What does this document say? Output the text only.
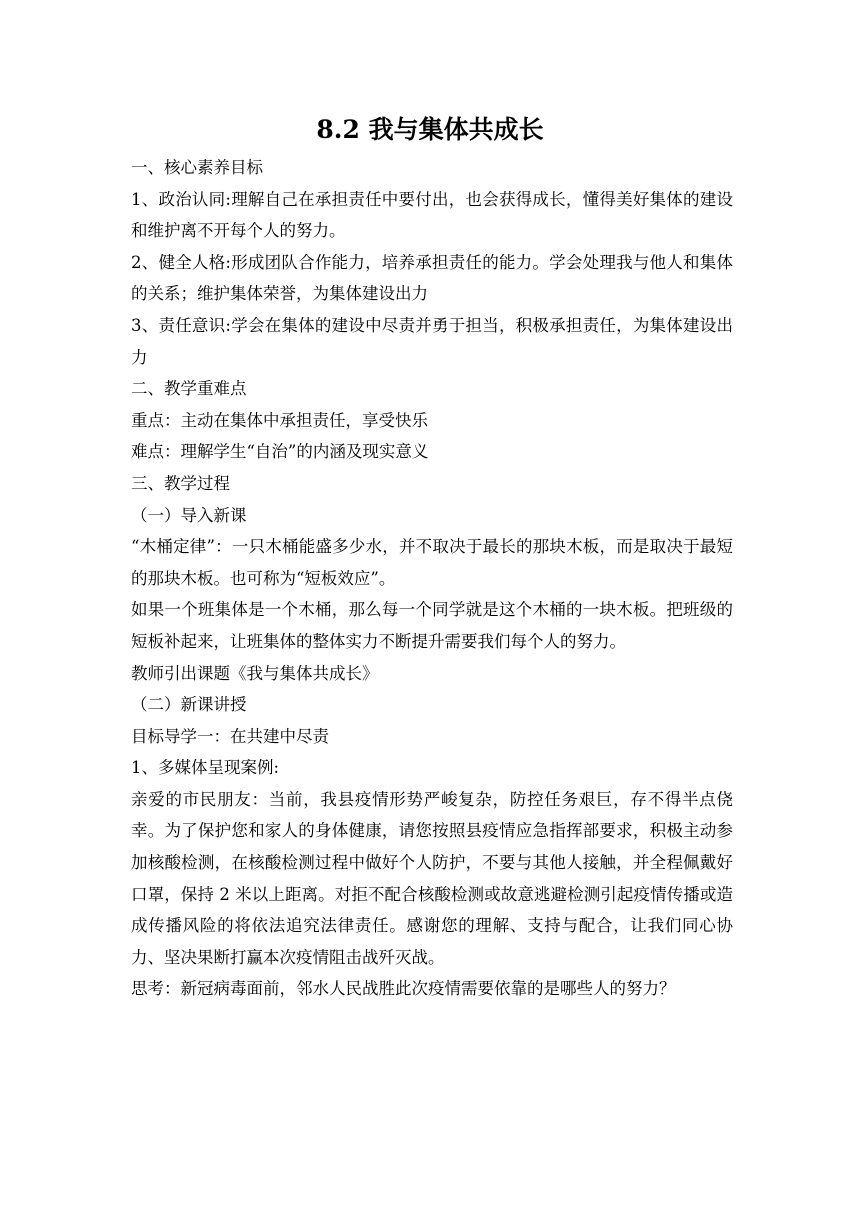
8.2 我与集体共成长

一、核心素养目标

1、政治认同:理解自己在承担责任中要付出，也会获得成长，懂得美好集体的建设和维护离不开每个人的努力。

2、健全人格:形成团队合作能力，培养承担责任的能力。学会处理我与他人和集体的关系；维护集体荣誉，为集体建设出力

3、责任意识:学会在集体的建设中尽责并勇于担当，积极承担责任，为集体建设出力

二、教学重难点

重点：主动在集体中承担责任，享受快乐

难点：理解学生“自治”的内涵及现实意义

三、教学过程

（一）导入新课

“木桶定律”：一只木桶能盛多少水，并不取决于最长的那块木板，而是取决于最短的那块木板。也可称为“短板效应”。

如果一个班集体是一个木桶，那么每一个同学就是这个木桶的一块木板。把班级的短板补起来，让班集体的整体实力不断提升需要我们每个人的努力。

教师引出课题《我与集体共成长》

（二）新课讲授

目标导学一：在共建中尽责

1、多媒体呈现案例:

亲爱的市民朋友：当前，我县疫情形势严峻复杂，防控任务艰巨，存不得半点侥幸。为了保护您和家人的身体健康，请您按照县疫情应急指挥部要求，积极主动参加核酸检测，在核酸检测过程中做好个人防护，不要与其他人接触，并全程佩戴好口罩，保持 2 米以上距离。对拒不配合核酸检测或故意逃避检测引起疫情传播或造成传播风险的将依法追究法律责任。感谢您的理解、支持与配合，让我们同心协力、坚决果断打赢本次疫情阻击战歼灭战。

思考：新冠病毒面前，邻水人民战胜此次疫情需要依靠的是哪些人的努力？
